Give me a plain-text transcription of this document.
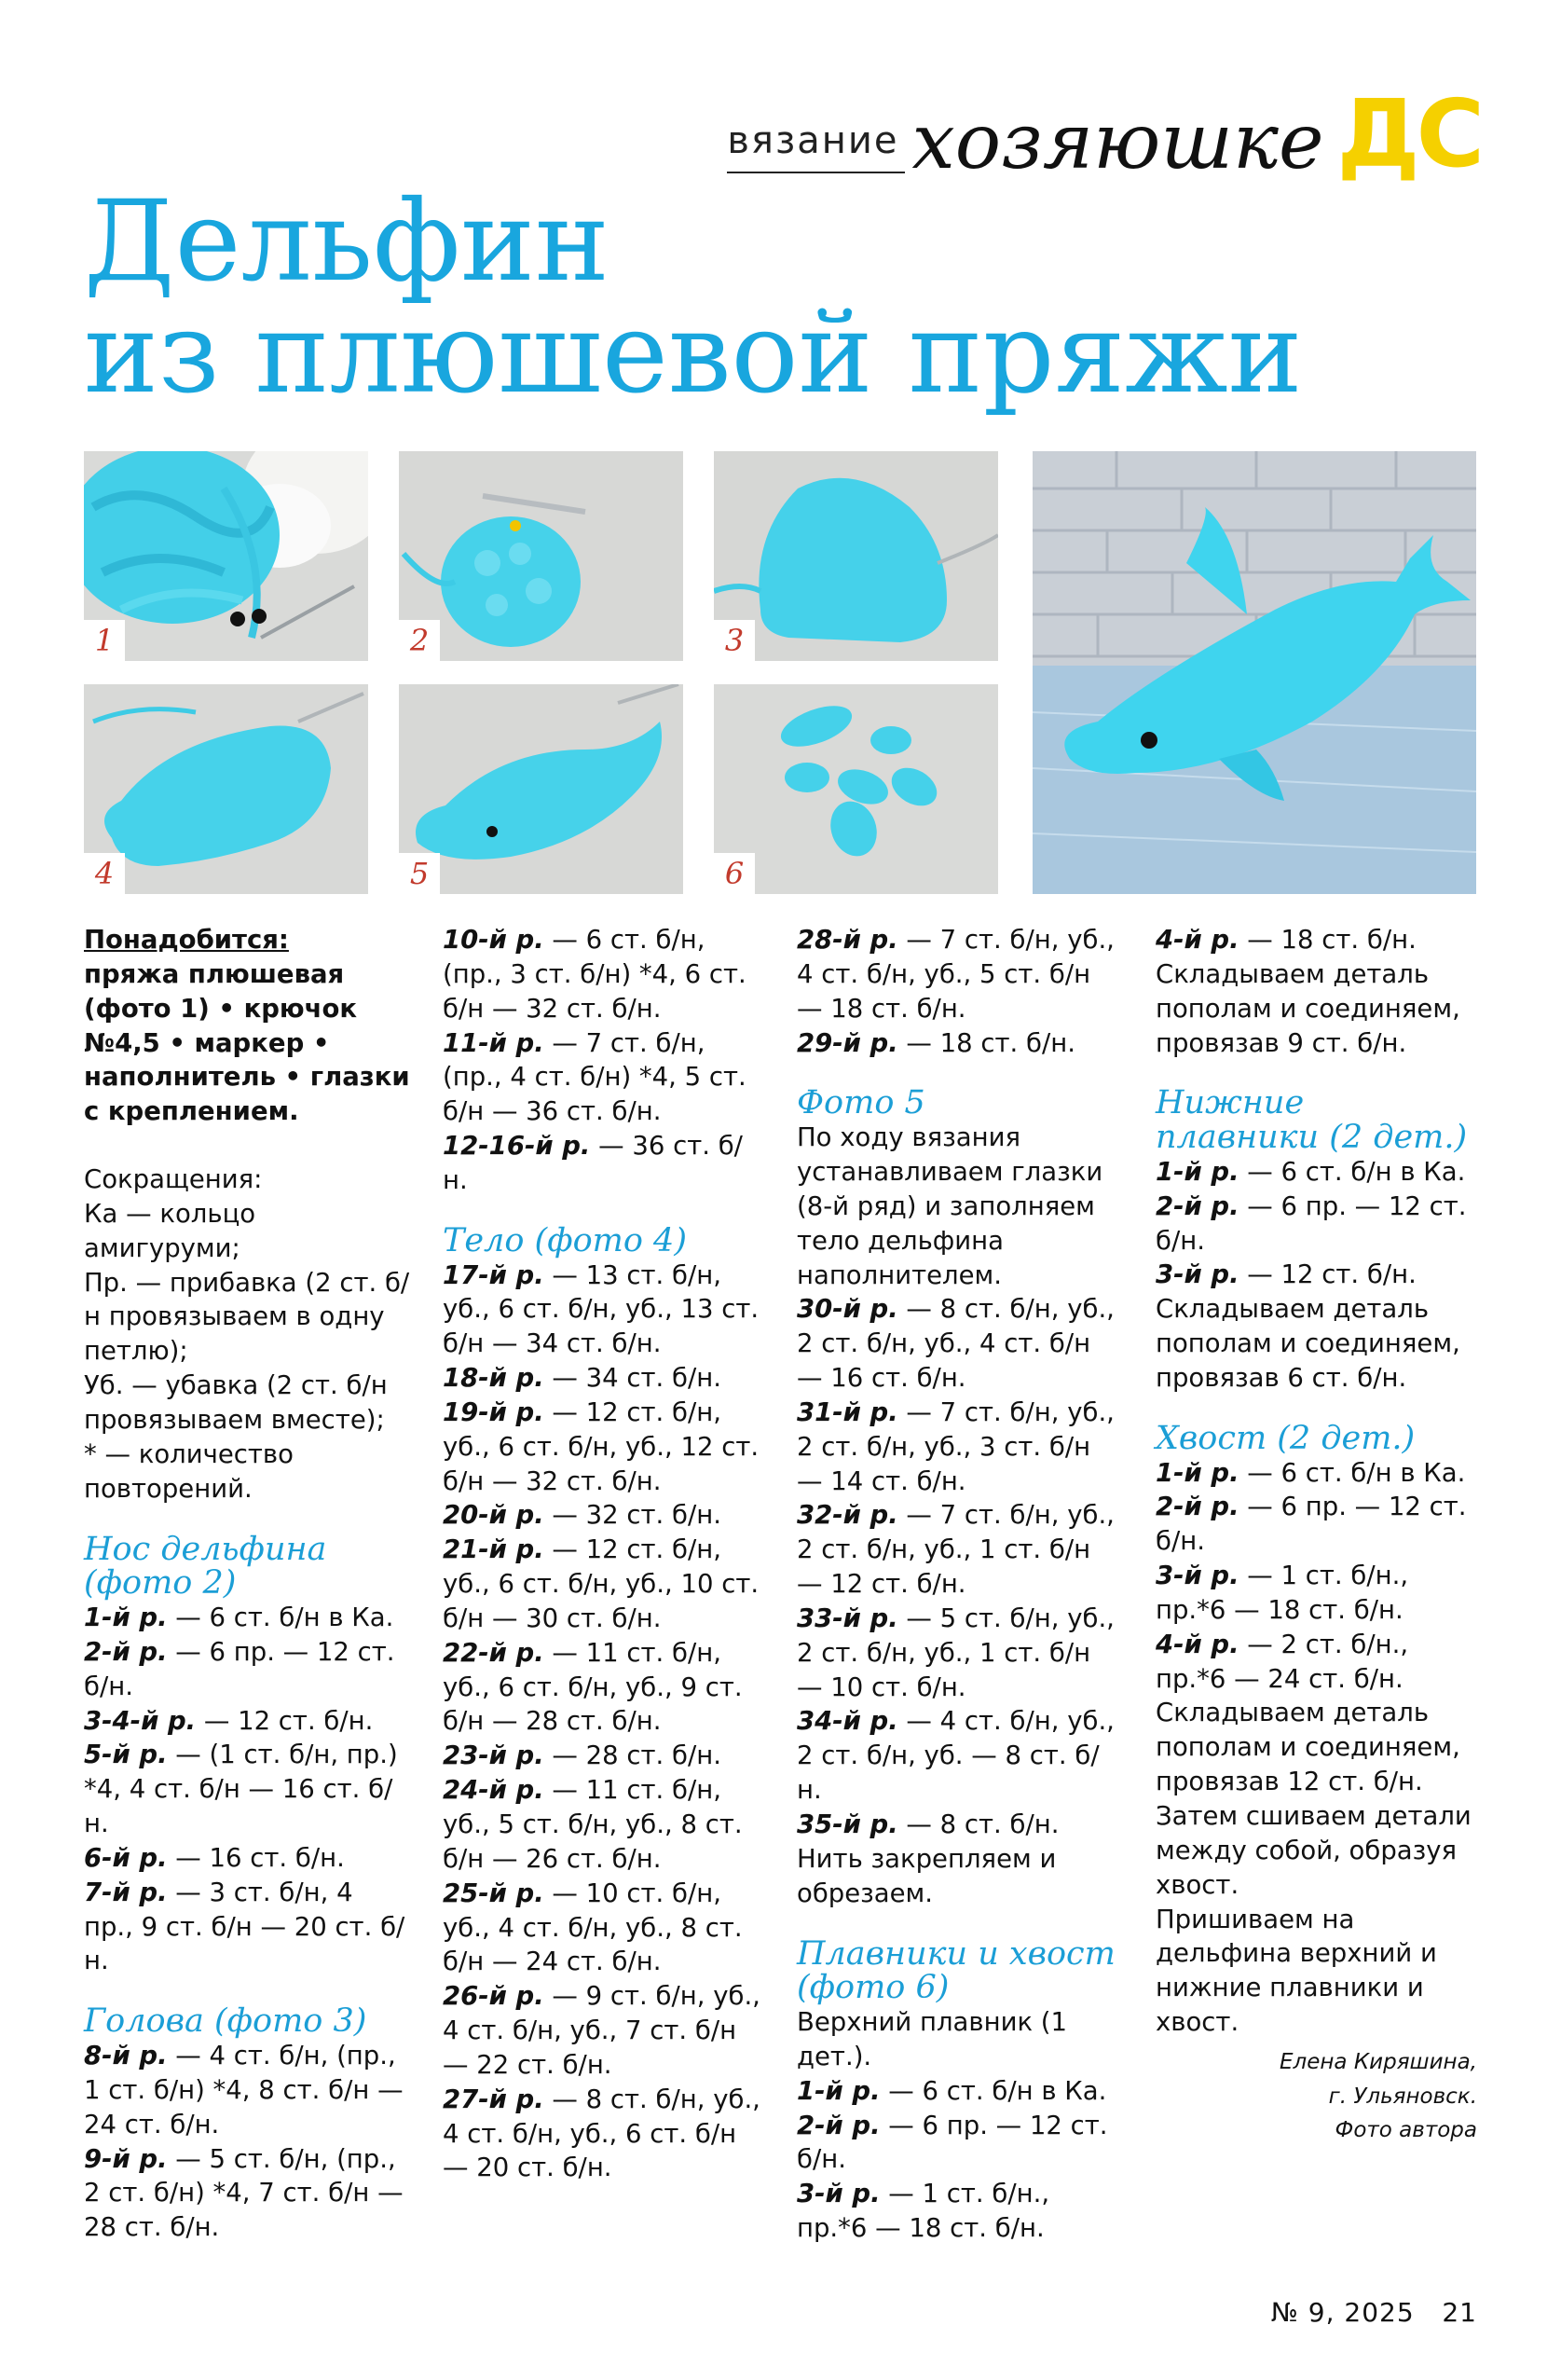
вязание хозяюшке ДС
Дельфин
из плюшевой пряжи
1	2	3
4	5	6

Понадобится:

пряжа плюшевая (фото 1) • крючок №4,5 • маркер • наполнитель • глазки с креплением.

Сокращения:

Ка — кольцо амигуруми;

Пр. — прибавка (2 ст. б/н провязываем в одну петлю);

Уб. — убавка (2 ст. б/н провязываем вместе);

* — количество повторений.

Нос дельфина (фото 2)

1-й р. — 6 ст. б/н в Ка.

2-й р. — 6 пр. — 12 ст. б/н.

3-4-й р. — 12 ст. б/н.

5-й р. — (1 ст. б/н, пр.) *4, 4 ст. б/н — 16 ст. б/н.

6-й р. — 16 ст. б/н.

7-й р. — 3 ст. б/н, 4 пр., 9 ст. б/н — 20 ст. б/н.

Голова (фото 3)

8-й р. — 4 ст. б/н, (пр., 1 ст. б/н) *4, 8 ст. б/н — 24 ст. б/н.

9-й р. — 5 ст. б/н, (пр., 2 ст. б/н) *4, 7 ст. б/н — 28 ст. б/н.

10-й р. — 6 ст. б/н, (пр., 3 ст. б/н) *4, 6 ст. б/н — 32 ст. б/н.

11-й р. — 7 ст. б/н, (пр., 4 ст. б/н) *4, 5 ст. б/н — 36 ст. б/н.

12-16-й р. — 36 ст. б/н.

Тело (фото 4)

17-й р. — 13 ст. б/н, уб., 6 ст. б/н, уб., 13 ст. б/н — 34 ст. б/н.

18-й р. — 34 ст. б/н.

19-й р. — 12 ст. б/н, уб., 6 ст. б/н, уб., 12 ст. б/н — 32 ст. б/н.

20-й р. — 32 ст. б/н.

21-й р. — 12 ст. б/н, уб., 6 ст. б/н, уб., 10 ст. б/н — 30 ст. б/н.

22-й р. — 11 ст. б/н, уб., 6 ст. б/н, уб., 9 ст. б/н — 28 ст. б/н.

23-й р. — 28 ст. б/н.

24-й р. — 11 ст. б/н, уб., 5 ст. б/н, уб., 8 ст. б/н — 26 ст. б/н.

25-й р. — 10 ст. б/н, уб., 4 ст. б/н, уб., 8 ст. б/н — 24 ст. б/н.

26-й р. — 9 ст. б/н, уб., 4 ст. б/н, уб., 7 ст. б/н — 22 ст. б/н.

27-й р. — 8 ст. б/н, уб., 4 ст. б/н, уб., 6 ст. б/н — 20 ст. б/н.

28-й р. — 7 ст. б/н, уб., 4 ст. б/н, уб., 5 ст. б/н — 18 ст. б/н.

29-й р. — 18 ст. б/н.

Фото 5

По ходу вязания устанавливаем глазки (8-й ряд) и заполняем тело дельфина наполнителем.

30-й р. — 8 ст. б/н, уб., 2 ст. б/н, уб., 4 ст. б/н — 16 ст. б/н.

31-й р. — 7 ст. б/н, уб., 2 ст. б/н, уб., 3 ст. б/н — 14 ст. б/н.

32-й р. — 7 ст. б/н, уб., 2 ст. б/н, уб., 1 ст. б/н — 12 ст. б/н.

33-й р. — 5 ст. б/н, уб., 2 ст. б/н, уб., 1 ст. б/н — 10 ст. б/н.

34-й р. — 4 ст. б/н, уб., 2 ст. б/н, уб. — 8 ст. б/н.

35-й р. — 8 ст. б/н.

Нить закрепляем и обрезаем.

Плавники и хвост (фото 6)

Верхний плавник (1 дет.).

1-й р. — 6 ст. б/н в Ка.

2-й р. — 6 пр. — 12 ст. б/н.

3-й р. — 1 ст. б/н., пр.*6 — 18 ст. б/н.

4-й р. — 18 ст. б/н.

Складываем деталь пополам и соединяем, провязав 9 ст. б/н.

Нижние плавники (2 дет.)

1-й р. — 6 ст. б/н в Ка.

2-й р. — 6 пр. — 12 ст. б/н.

3-й р. — 12 ст. б/н.

Складываем деталь пополам и соединяем, провязав 6 ст. б/н.

Хвост (2 дет.)

1-й р. — 6 ст. б/н в Ка.

2-й р. — 6 пр. — 12 ст. б/н.

3-й р. — 1 ст. б/н., пр.*6 — 18 ст. б/н.

4-й р. — 2 ст. б/н., пр.*6 — 24 ст. б/н.

Складываем деталь пополам и соединяем, провязав 12 ст. б/н. Затем сшиваем детали между собой, образуя хвост.

Пришиваем на дельфина верхний и нижние плавники и хвост.

Елена Киряшина,
г. Ульяновск.
Фото автора
№ 9, 2025 21
